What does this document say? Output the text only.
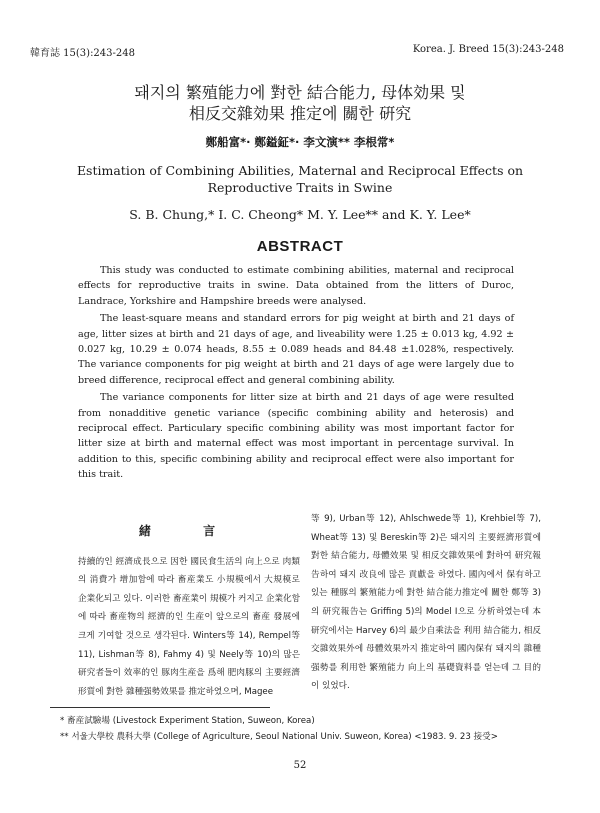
韓育誌 15(3):243-248	Korea. J. Breed 15(3):243-248
돼지의 繁殖能力에 對한 結合能力, 母体効果 및
相反交雜効果 推定에 關한 硏究
鄭船富*· 鄭鎰鉦*· 李文演** 李根常*
Estimation of Combining Abilities, Maternal and Reciprocal Effects on
Reproductive Traits in Swine
S. B. Chung,* I. C. Cheong* M. Y. Lee** and K. Y. Lee*
ABSTRACT

This study was conducted to estimate combining abilities, maternal and reciprocal effects for reproductive traits in swine. Data obtained from the litters of Duroc, Landrace, Yorkshire and Hampshire breeds were analysed.

The least-square means and standard errors for pig weight at birth and 21 days of age, litter sizes at birth and 21 days of age, and liveability were 1.25 ± 0.013 kg, 4.92 ± 0.027 kg, 10.29 ± 0.074 heads, 8.55 ± 0.089 heads and 84.48 ±1.028%, respectively. The variance components for pig weight at birth and 21 days of age were largely due to breed difference, reciprocal effect and general combining ability.

The variance components for litter size at birth and 21 days of age were resulted from nonadditive genetic variance (specific combining ability and heterosis) and reciprocal effect. Particulary specific combining ability was most important factor for litter size at birth and maternal effect was most important in percentage survival. In addition to this, specific combining ability and reciprocal effect were also important for this trait.

緒 言

持續的인 經濟成長으로 因한 國民食生活의 向上으로 肉類의 消費가 增加함에 따라 畜産業도 小規模에서 大規模로 企業化되고 있다. 이러한 畜産業이 規模가 커지고 企業化함에 따라 畜産物의 經濟的인 生産이 앞으로의 畜産 發展에 크게 기여할 것으로 생각된다. Winters等 14), Rempel等 11), Lishman等 8), Fahmy 4) 및 Neely等 10)의 많은 研究者들이 效率的인 豚肉生産을 爲해 肥肉豚의 主要經濟形質에 對한 雜種强勢效果를 推定하였으며, Magee

等 9), Urban等 12), Ahlschwede等 1), Krehbiel等 7), Wheat等 13) 및 Bereskin等 2)은 돼지의 主要經濟形質에 對한 結合能力, 母體效果 및 相反交雜效果에 對하여 研究報告하여 돼지 改良에 많은 貢獻을 하였다. 國內에서 保有하고 있는 種豚의 繁殖能力에 對한 結合能力推定에 關한 鄭等 3)의 研究報告는 Griffing 5)의 Model Ⅰ으로 分析하였는데 本研究에서는 Harvey 6)의 最少自乘法을 利用 結合能力, 相反交雜效果外에 母體效果까지 推定하여 國內保有 돼지의 雜種强勢를 利用한 繁殖能力 向上의 基礎資料를 얻는데 그 目的이 있었다.

* 畜産試驗場 (Livestock Experiment Station, Suweon, Korea)
** 서울大學校 農科大學 (College of Agriculture, Seoul National Univ. Suweon, Korea) <1983. 9. 23 接受>
52
